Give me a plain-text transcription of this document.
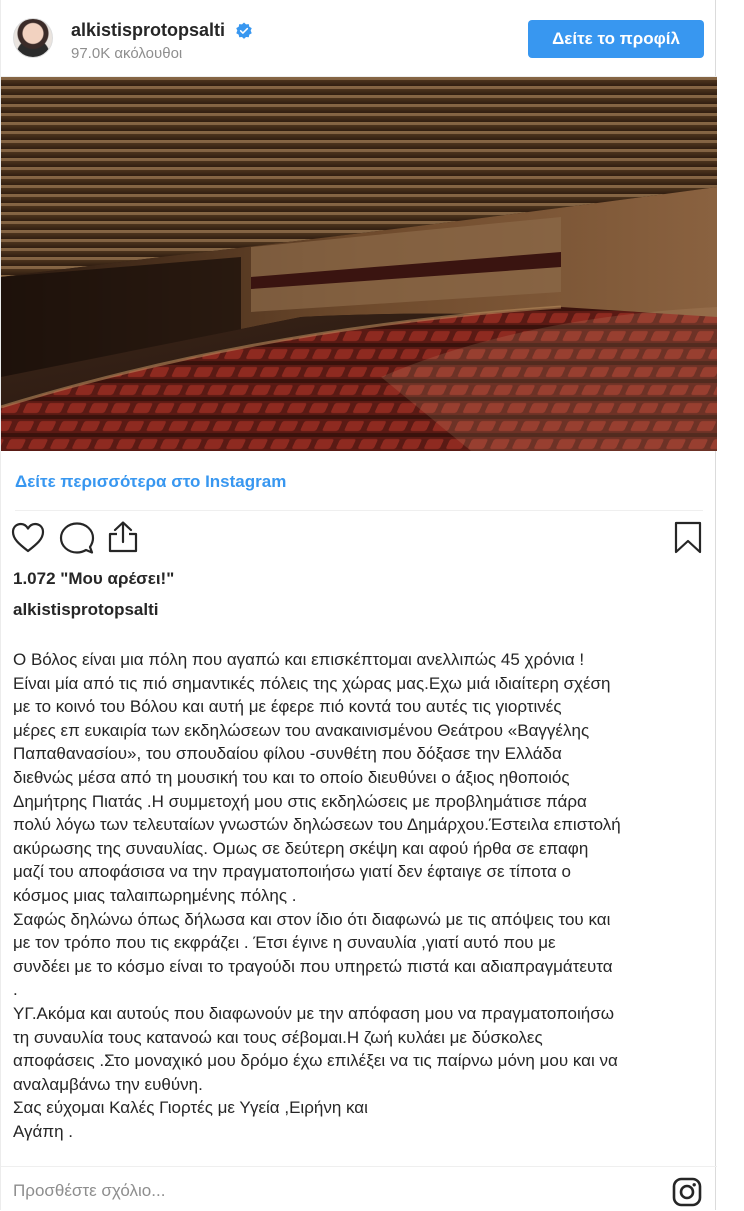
alkistisprotopsalti
97.0K ακόλουθοι
Δείτε το προφίλ
Δείτε περισσότερα στο Instagram
1.072 "Μου αρέσει!"
alkistisprotopsalti
Ο Βόλος είναι μια πόλη που αγαπώ και επισκέπτομαι ανελλιπώς 45 χρόνια !
Είναι μία από τις πιό σημαντικές πόλεις της χώρας μας.Εχω μιά ιδιαίτερη σχέση
με το κοινό του Βόλου και αυτή με έφερε πιό κοντά του αυτές τις γιορτινές
μέρες επ ευκαιρία των εκδηλώσεων του ανακαινισμένου Θεάτρου «Βαγγέλης
Παπαθανασίου», του σπουδαίου φίλου -συνθέτη που δόξασε την Ελλάδα
διεθνώς μέσα από τη μουσική του και το οποίο διευθύνει ο άξιος ηθοποιός
Δημήτρης Πιατάς .Η συμμετοχή μου στις εκδηλώσεις με προβλημάτισε πάρα
πολύ λόγω των τελευταίων γνωστών δηλώσεων του Δημάρχου.Έστειλα επιστολή
ακύρωσης της συναυλίας. Ομως σε δεύτερη σκέψη και αφού ήρθα σε επαφη
μαζί του αποφάσισα να την πραγματοποιήσω γιατί δεν έφταιγε σε τίποτα ο
κόσμος μιας ταλαιπωρημένης πόλης .
Σαφώς δηλώνω όπως δήλωσα και στον ίδιο ότι διαφωνώ με τις απόψεις του και
με τον τρόπο που τις εκφράζει . Έτσι έγινε η συναυλία ,γιατί αυτό που με
συνδέει με το κόσμο είναι το τραγούδι που υπηρετώ πιστά και αδιαπραγμάτευτα
.
ΥΓ.Ακόμα και αυτούς που διαφωνούν με την απόφαση μου να πραγματοποιήσω
τη συναυλία τους κατανοώ και τους σέβομαι.Η ζωή κυλάει με δύσκολες
αποφάσεις .Στο μοναχικό μου δρόμο έχω επιλέξει να τις παίρνω μόνη μου και να
αναλαμβάνω την ευθύνη.
Σας εύχομαι Καλές Γιορτές με Υγεία ,Ειρήνη και
Αγάπη .
Προσθέστε σχόλιο...
